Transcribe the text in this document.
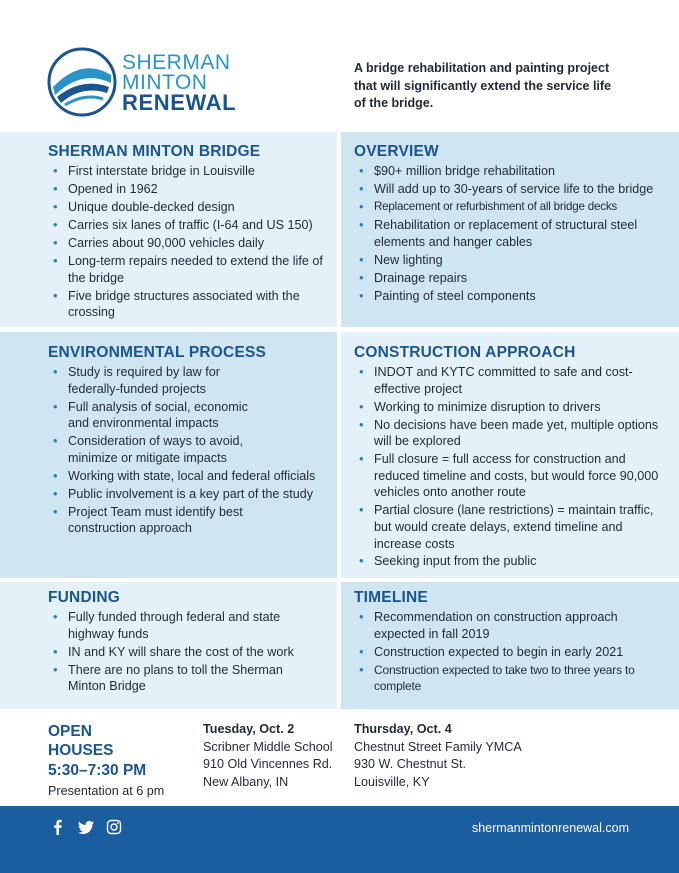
SHERMAN
MINTON
RENEWAL
A bridge rehabilitation and painting project that will significantly extend the service life of the bridge.
SHERMAN MINTON BRIDGE
• First interstate bridge in Louisville
• Opened in 1962
• Unique double-decked design
• Carries six lanes of traffic (I-64 and US 150)
• Carries about 90,000 vehicles daily
• Long-term repairs needed to extend the life of the bridge
• Five bridge structures associated with the crossing
OVERVIEW
• $90+ million bridge rehabilitation
• Will add up to 30-years of service life to the bridge
• Replacement or refurbishment of all bridge decks
• Rehabilitation or replacement of structural steel elements and hanger cables
• New lighting
• Drainage repairs
• Painting of steel components
ENVIRONMENTAL PROCESS
• Study is required by law for federally-funded projects
• Full analysis of social, economic and environmental impacts
• Consideration of ways to avoid, minimize or mitigate impacts
• Working with state, local and federal officials
• Public involvement is a key part of the study
• Project Team must identify best construction approach
CONSTRUCTION APPROACH
• INDOT and KYTC committed to safe and cost-effective project
• Working to minimize disruption to drivers
• No decisions have been made yet, multiple options will be explored
• Full closure = full access for construction and reduced timeline and costs, but would force 90,000 vehicles onto another route
• Partial closure (lane restrictions) = maintain traffic, but would create delays, extend timeline and increase costs
• Seeking input from the public
FUNDING
• Fully funded through federal and state highway funds
• IN and KY will share the cost of the work
• There are no plans to toll the Sherman Minton Bridge
TIMELINE
• Recommendation on construction approach expected in fall 2019
• Construction expected to begin in early 2021
• Construction expected to take two to three years to complete
OPEN
HOUSES
5:30–7:30 PM
Presentation at 6 pm
Tuesday, Oct. 2
Scribner Middle School
910 Old Vincennes Rd.
New Albany, IN
Thursday, Oct. 4
Chestnut Street Family YMCA
930 W. Chestnut St.
Louisville, KY
shermanmintonrenewal.com
